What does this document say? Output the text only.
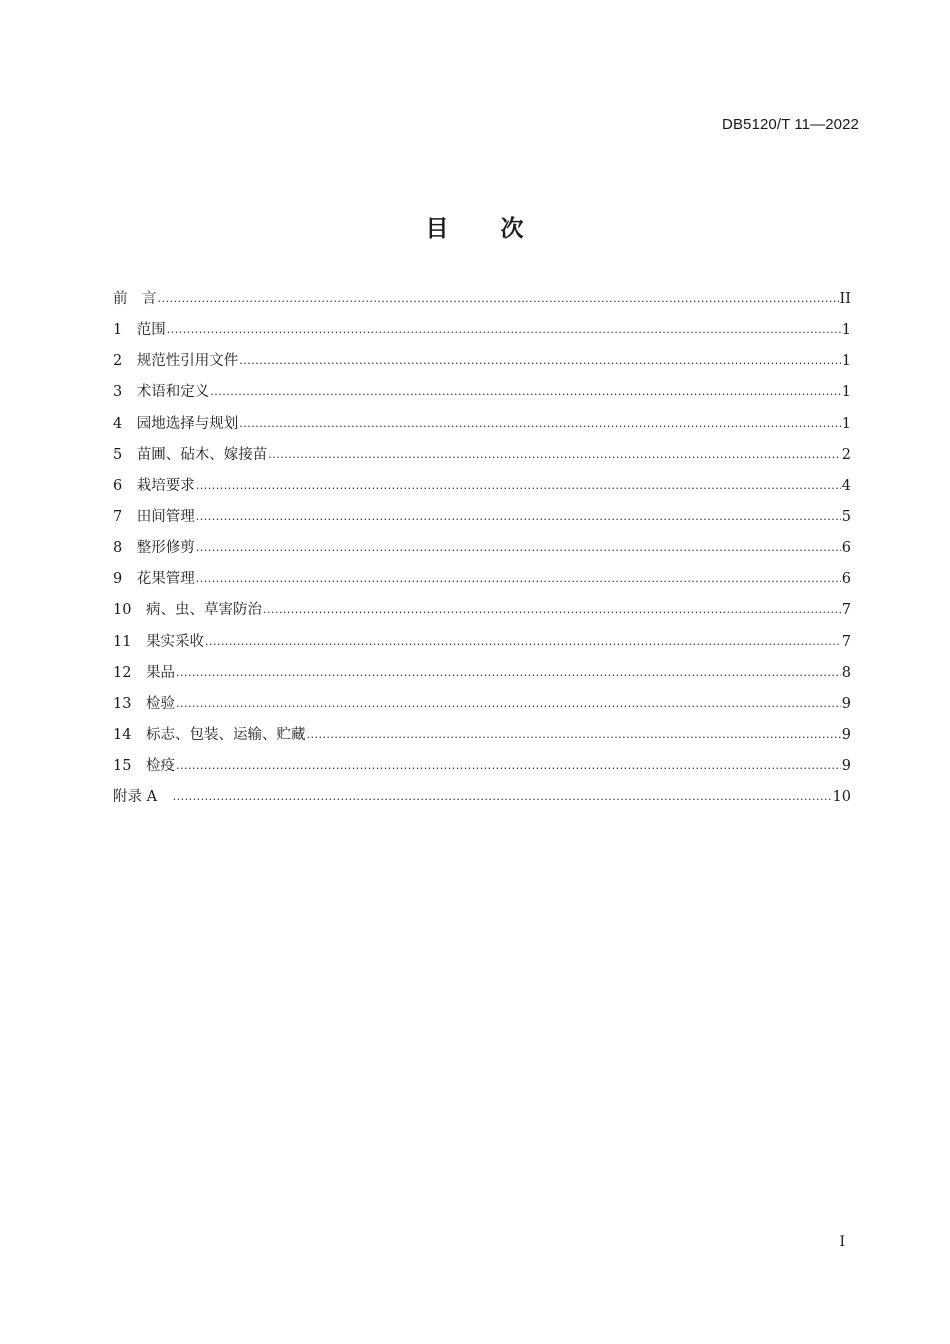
DB5120/T 11—2022
目 次
前　言 .....	II
1　 范围 .....	1
2　 规范性引用文件 .....	1
3　 术语和定义 .....	1
4　 园地选择与规划 .....	1
5　 苗圃、砧木、嫁接苗 .....	2
6　 栽培要求 .....	4
7　 田间管理 .....	5
8　 整形修剪 .....	6
9　 花果管理 .....	6
10　 病、虫、草害防治 .....	7
11　 果实采收 .....	7
12　 果品 .....	8
13　 检验 .....	9
14　 标志、包装、运输、贮藏 .....	9
15　 检疫 .....	9
附录 A　 .....	10
I
